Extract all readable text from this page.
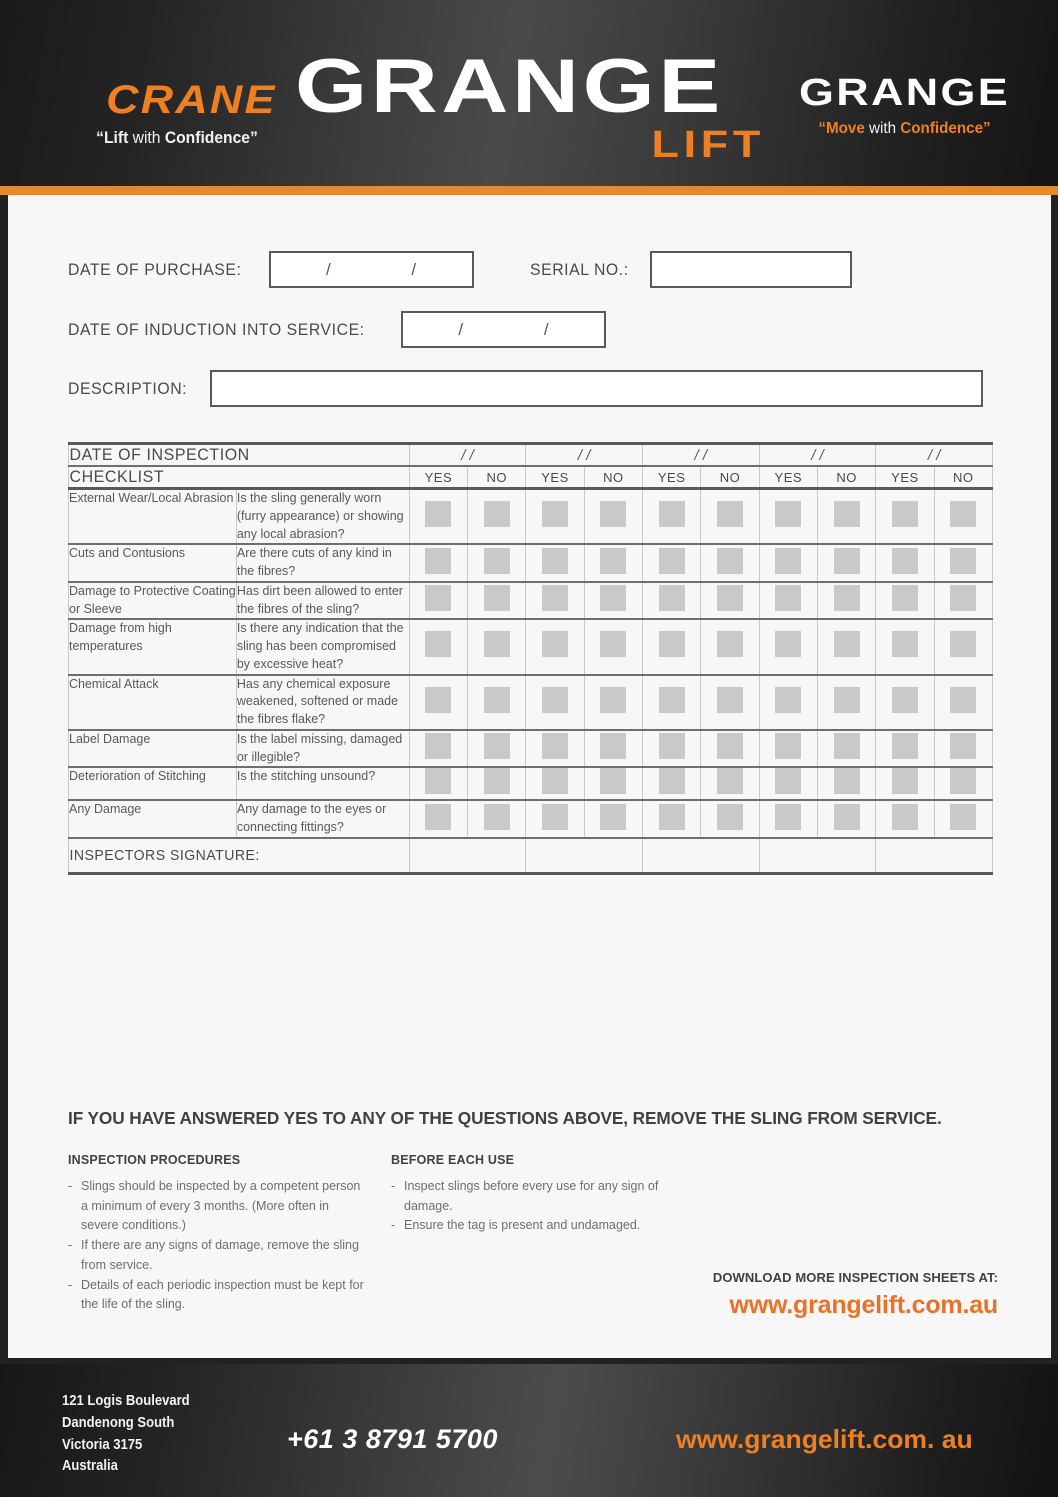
CRANE
“Lift with Confidence”
GRANGE
LIFT
GRANGE
“Move with Confidence”
DATE OF PURCHASE:	/ /	SERIAL NO.:
DATE OF INDUCTION INTO SERVICE:	/ /
DESCRIPTION:
DATE OF INSPECTION		/ /		/ /		/ /		/ /		/ /	
CHECKLIST		YES	NO	YES	NO	YES	NO	YES	NO	YES	NO
External Wear/Local Abrasion	Is the sling generally worn (furry appearance) or showing any local abrasion?										
Cuts and Contusions	Are there cuts of any kind in the fibres?										
Damage to Protective Coating or Sleeve	Has dirt been allowed to enter the fibres of the sling?										
Damage from high temperatures	Is there any indication that the sling has been compromised by excessive heat?										
Chemical Attack	Has any chemical exposure weakened, softened or made the fibres flake?										
Label Damage	Is the label missing, damaged or illegible?										
Deterioration of Stitching	Is the stitching unsound?										
Any Damage	Any damage to the eyes or connecting fittings?										
INSPECTORS SIGNATURE:											
IF YOU HAVE ANSWERED YES TO ANY OF THE QUESTIONS ABOVE, REMOVE THE SLING FROM SERVICE.
INSPECTION PROCEDURES
- Slings should be inspected by a competent person a minimum of every 3 months. (More often in severe conditions.)
- If there are any signs of damage, remove the sling from service.
- Details of each periodic inspection must be kept for the life of the sling.
BEFORE EACH USE
- Inspect slings before every use for any sign of damage.
- Ensure the tag is present and undamaged.
DOWNLOAD MORE INSPECTION SHEETS AT:
www.grangelift.com.au
121 Logis Boulevard
Dandenong South
Victoria 3175
Australia
+61 3 8791 5700	www.grangelift.com. au
